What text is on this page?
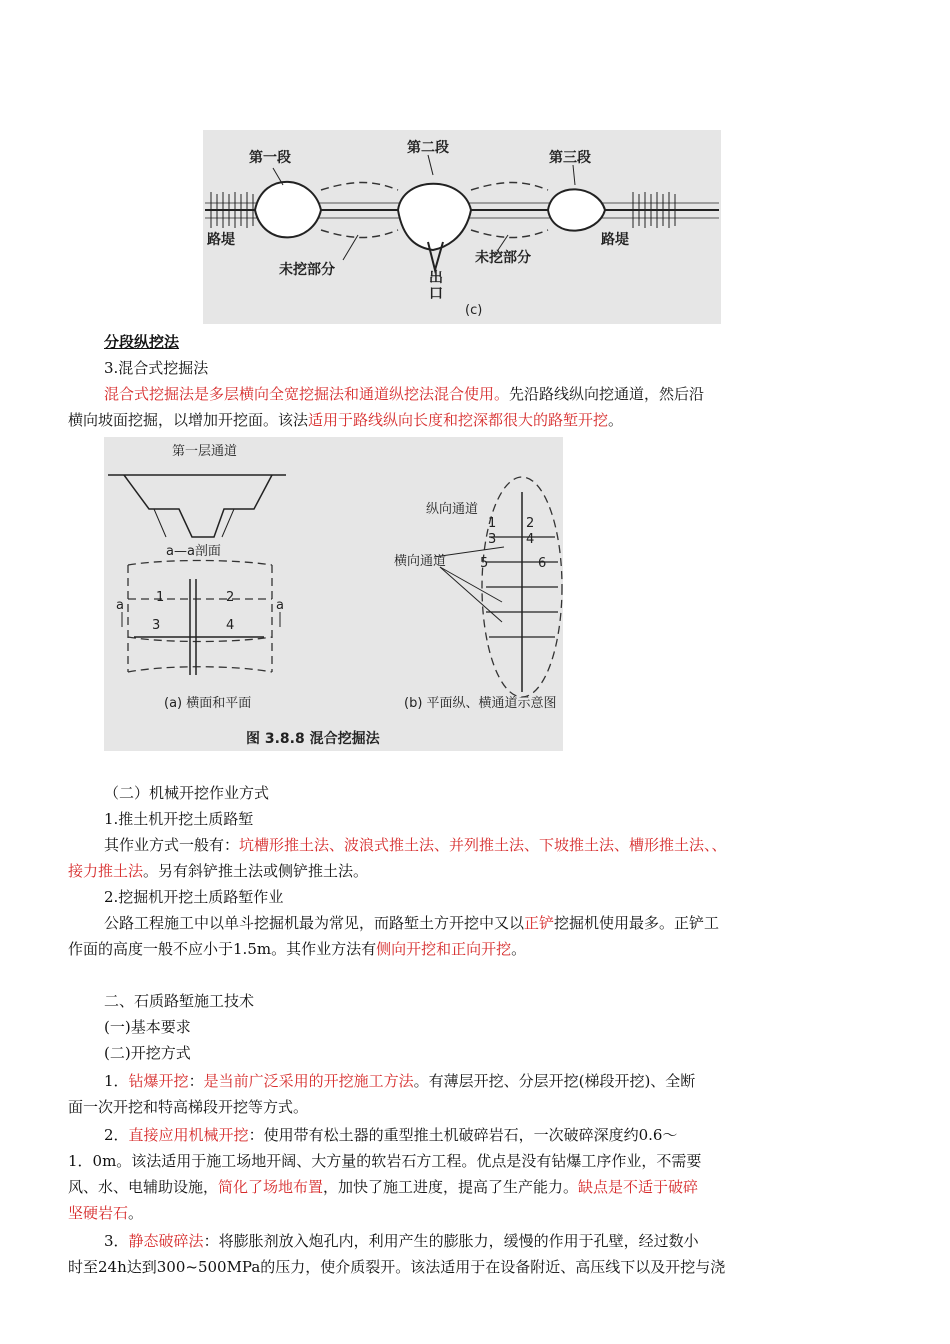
第一段
第二段
第三段
路堤	路堤
未挖部分
未挖部分
出
口
(c)
分段纵挖法
3.混合式挖掘法
混合式挖掘法是多层横向全宽挖掘法和通道纵挖法混合使用。先沿路线纵向挖通道，然后沿
横向坡面挖掘，以增加开挖面。该法适用于路线纵向长度和挖深都很大的路堑开挖。
第一层通道
a—a剖面
a	a
1	2
3	4
纵向通道
横向通道
1 2
3 4
5	6
(a) 横面和平面	(b) 平面纵、横通道示意图
图 3.8.8 混合挖掘法
（二）机械开挖作业方式
1.推土机开挖土质路堑
其作业方式一般有：坑槽形推土法、波浪式推土法、并列推土法、下坡推土法、槽形推土法、、
接力推土法。另有斜铲推土法或侧铲推土法。
2.挖掘机开挖土质路堑作业
公路工程施工中以单斗挖掘机最为常见，而路堑土方开挖中又以正铲挖掘机使用最多。正铲工
作面的高度一般不应小于1.5m。其作业方法有侧向开挖和正向开挖。
二、石质路堑施工技术
(一)基本要求
(二)开挖方式
1．钻爆开挖：是当前广泛采用的开挖施工方法。有薄层开挖、分层开挖(梯段开挖)、全断
面一次开挖和特高梯段开挖等方式。
2．直接应用机械开挖：使用带有松土器的重型推土机破碎岩石，一次破碎深度约0.6～
1．0m。该法适用于施工场地开阔、大方量的软岩石方工程。优点是没有钻爆工序作业，不需要
风、水、电辅助设施，简化了场地布置，加快了施工进度，提高了生产能力。缺点是不适于破碎
坚硬岩石。
3．静态破碎法：将膨胀剂放入炮孔内，利用产生的膨胀力，缓慢的作用于孔壁，经过数小
时至24h达到300~500MPa的压力，使介质裂开。该法适用于在设备附近、高压线下以及开挖与浇
